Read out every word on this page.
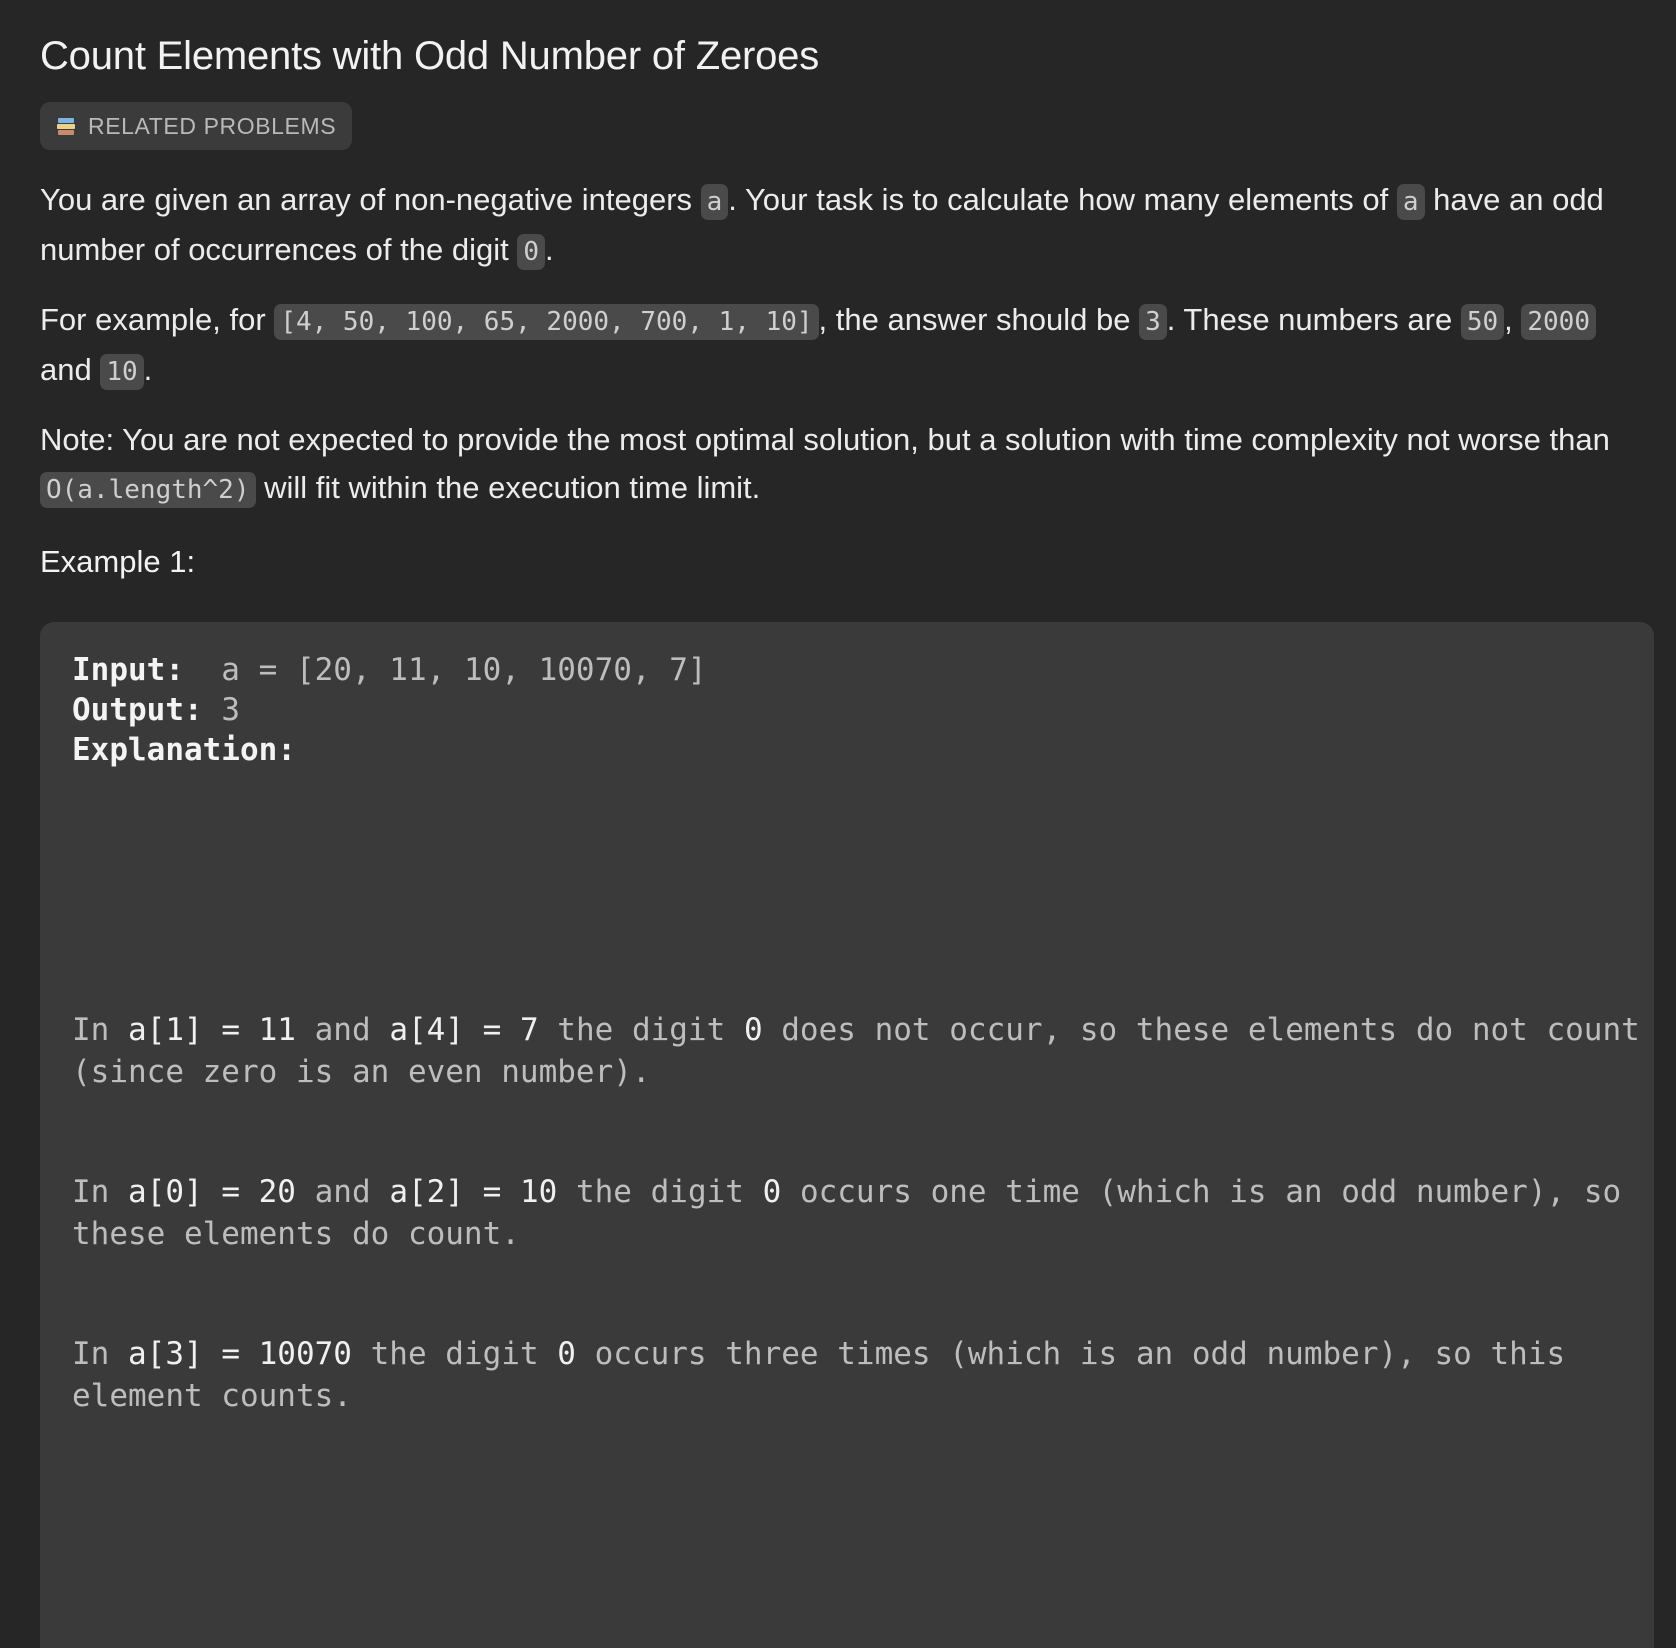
Count Elements with Odd Number of Zeroes
RELATED PROBLEMS
You are given an array of non-negative integers a . Your task is to calculate how many elements of a have an odd number of occurrences of the digit 0 .
For example, for [4, 50, 100, 65, 2000, 700, 1, 10] , the answer should be 3 . These numbers are 50 , 2000 and 10 .
Note: You are not expected to provide the most optimal solution, but a solution with time complexity not worse than O(a.length^2) will fit within the execution time limit.
Example 1:
Input:  a = [20, 11, 10, 10070, 7]
Output: 3
Explanation:
In a[1] = 11 and a[4] = 7 the digit 0 does not occur, so these elements do not count
(since zero is an even number).
In a[0] = 20 and a[2] = 10 the digit 0 occurs one time (which is an odd number), so
these elements do count.
In a[3] = 10070 the digit 0 occurs three times (which is an odd number), so this
element counts.
